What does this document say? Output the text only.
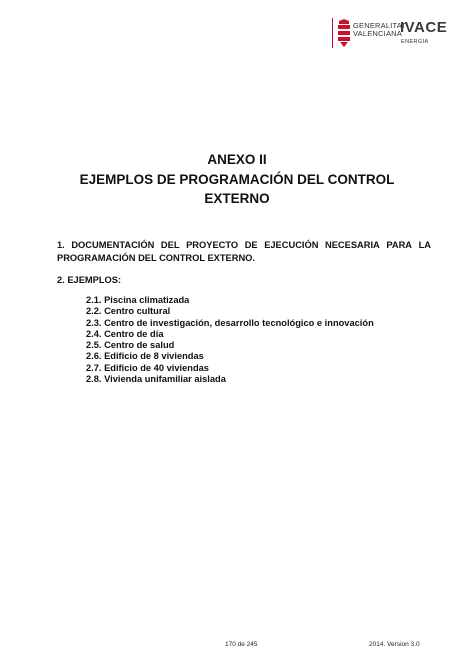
GENERALITAT
VALENCIANA
IVACE
ENERGÍA
ANEXO II
EJEMPLOS DE PROGRAMACIÓN DEL CONTROL
EXTERNO
1. DOCUMENTACIÓN DEL PROYECTO DE EJECUCIÓN NECESARIA PARA LA
PROGRAMACIÓN DEL CONTROL EXTERNO.
2. EJEMPLOS:
2.1. Piscina climatizada
2.2. Centro cultural
2.3. Centro de investigación, desarrollo tecnológico e innovación
2.4. Centro de día
2.5. Centro de salud
2.6. Edificio de 8 viviendas
2.7. Edificio de 40 viviendas
2.8. Vivienda unifamiliar aislada
170 de 245	2014. Version 3.0
